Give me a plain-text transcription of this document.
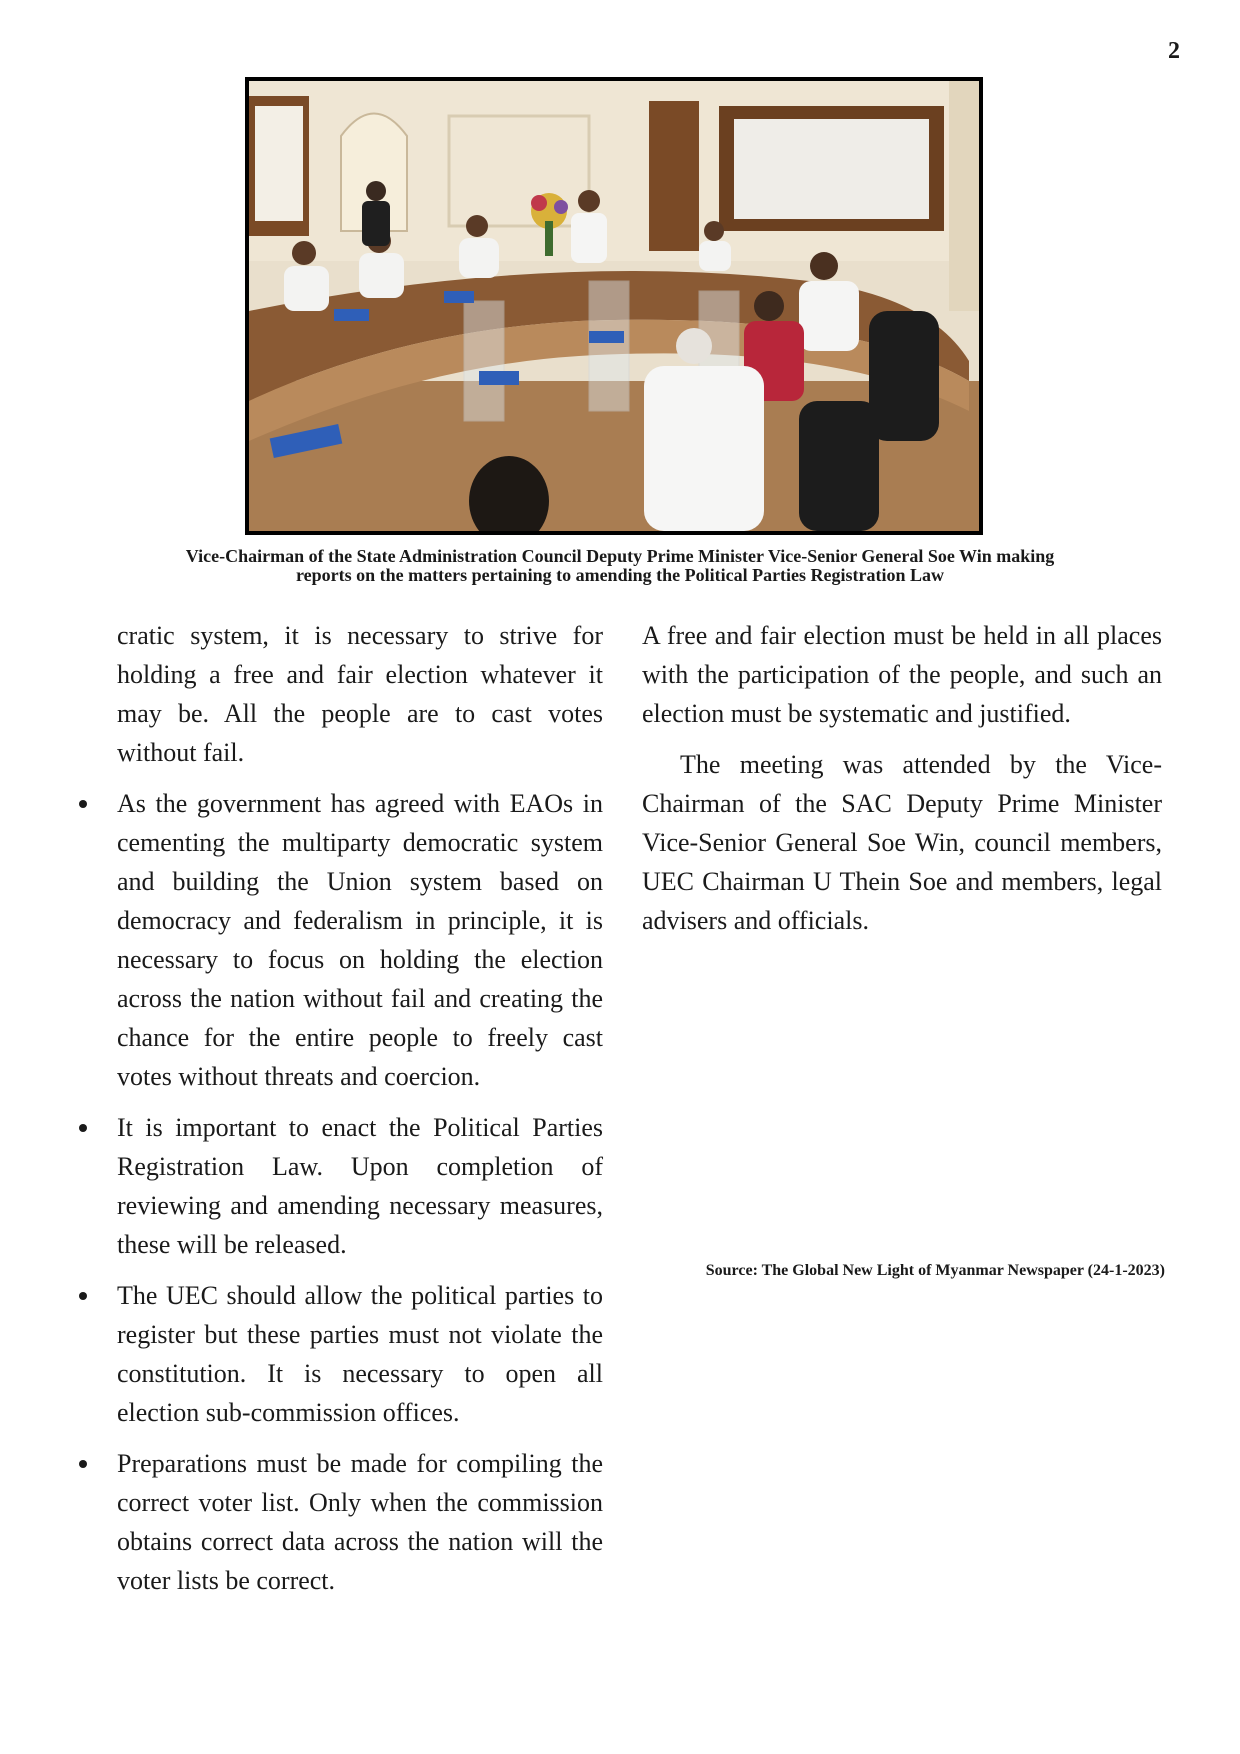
2
Vice-Chairman of the State Administration Council Deputy Prime Minister Vice-Senior General Soe Win making reports on the matters pertaining to amending the Political Parties Registration Law

cratic system, it is necessary to strive for holding a free and fair election whatever it may be. All the people are to cast votes without fail.

As the government has agreed with EAOs in cementing the multiparty democratic system and building the Union system based on democracy and federalism in principle, it is necessary to focus on holding the election across the nation without fail and creating the chance for the entire people to freely cast votes without threats and coercion.
It is important to enact the Political Parties Registration Law. Upon completion of reviewing and amending necessary measures, these will be released.
The UEC should allow the political parties to register but these parties must not violate the constitution. It is necessary to open all election sub-commission offices.
Preparations must be made for compiling the correct voter list. Only when the commission obtains correct data across the nation will the voter lists be correct.

A free and fair election must be held in all places with the participation of the people, and such an election must be systematic and justified.

The meeting was attended by the Vice-Chairman of the SAC Deputy Prime Minister Vice-Senior General Soe Win, council members, UEC Chairman U Thein Soe and members, legal advisers and officials.

Source: The Global New Light of Myanmar Newspaper (24-1-2023)
